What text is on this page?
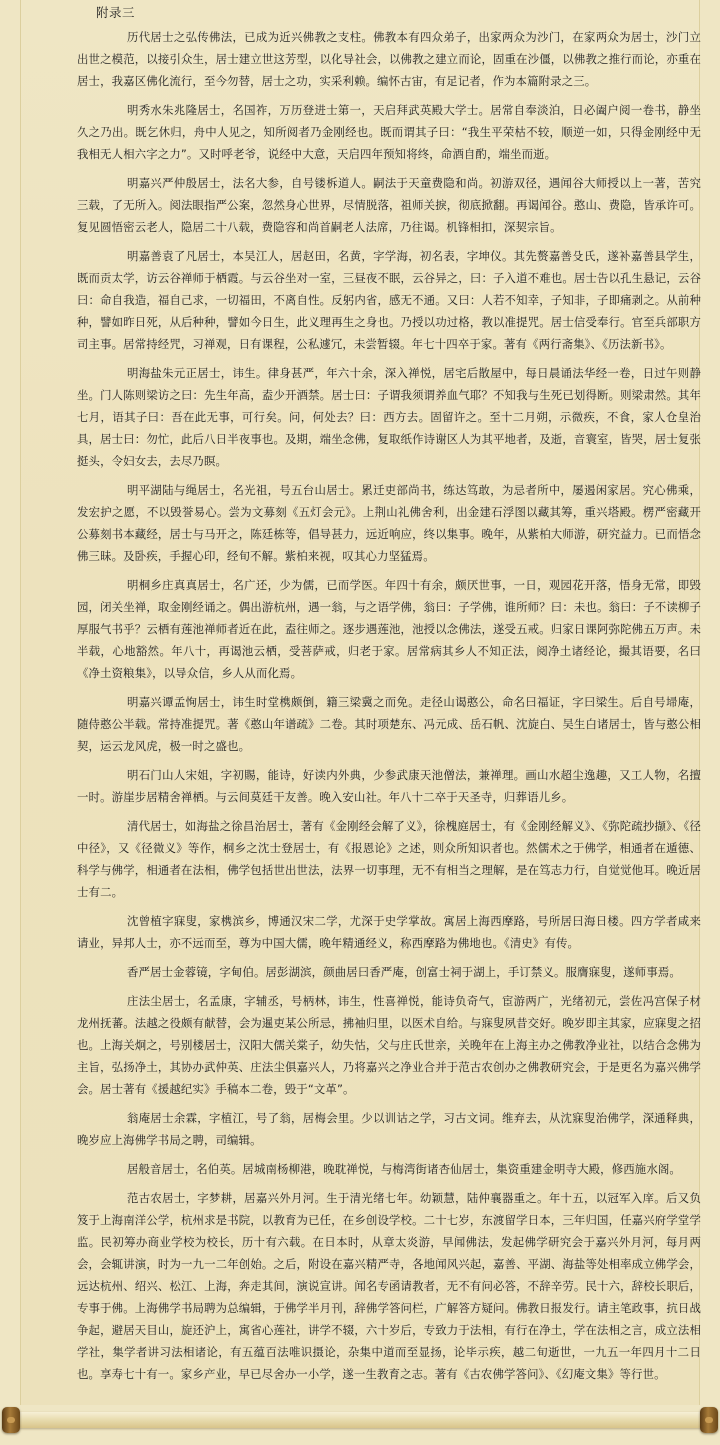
附录三

历代居士之弘传佛法，已成为近兴佛教之支柱。佛教本有四众弟子，出家两众为沙门，在家两众为居士，沙门立出世之模范，以接引众生，居士建立世这芳型，以化导社会，以佛教之建立而论，固重在沙僵，以佛教之推行而论，亦重在居士，我嘉区佛化流行，至今勿替，居士之功，实采利赖。编怀古宙，有足记者，作为本篇附录之三。

明秀水朱兆隆居士，名国祚，万历登进士第一，天启拜武英殿大学士。居常自奉淡泊，日必阖户阅一卷书，静坐久之乃出。既乞休归，舟中人见之，知所阅者乃金刚经也。既而谓其子曰：“我生平荣枯不较，顺逆一如，只得金刚经中无我相无人相六字之力”。又时呼老爷，说经中大意，天启四年预知将终，命酒自酌，端坐而逝。

明嘉兴严仲殷居士，法名大参，自号镂柝道人。嗣法于天童费隐和尚。初游双径，遇闻谷大师授以上一著，苦究三载，了无所入。阅法眼指严公案，忽然身心世界，尽情脱落，祖师关捩，彻底掀翻。再谒闻谷。憨山、费隐，皆承许可。复见圆悟密云老人，隐居二十八载，费隐容和尚首嗣老人法席，乃往谒。机锋相扣，深契宗旨。

明嘉善袁了凡居士，本吴江人，居赵田，名黄，字学海，初名表，字坤仪。其先赘嘉善殳氏，遂补嘉善县学生，既而贡太学，访云谷禅师于栖霞。与云谷坐对一室，三昼夜不眠，云谷异之，曰：子入道不难也。居士告以孔生悬记，云谷曰：命自我造，福自己求，一切福田，不离自性。反躬内省，感无不通。又曰：人若不知幸，子知非，子即痛剥之。从前种种，譬如昨日死，从后种种，譬如今日生，此义理再生之身也。乃授以功过格，教以准提咒。居士信受奉行。官至兵部职方司主事。居常持经咒，习禅观，日有课程，公私遽冗，未尝暂辍。年七十四卒于家。著有《两行斋集》、《历法新书》。

明海盐朱元正居士，讳生。律身甚严，年六十余，深入禅悦，居宅后散屋中，每日晨诵法华经一卷，日过午则静坐。门人陈则梁访之曰：先生年高，盍少开酒禁。居士曰：子谓我须谓养血气耶？不知我与生死已划得断。则梁肃然。其年七月，语其子曰：吾在此无事，可行矣。问，何处去？曰：西方去。固留许之。至十二月朔，示微疾，不食，家人仓皇治具，居士曰：勿忙，此后八日半夜事也。及期，端坐念佛，复取纸作诗谢区人为其平地者，及逝，音寰室，皆哭，居士复张挺头，令妇女去，去尽乃瞑。

明平湖陆与绳居士，名光祖，号五台山居士。累迁吏部尚书，练达笃敢，为忌者所中，屡遏闲家居。究心佛乘，发宏护之愿，不以毁誉易心。尝为文募刻《五灯会元》。上荆山礼佛舍利，出金建石浮图以藏其筹，重兴塔殿。楞严密藏开公募刻书本藏经，居士与马开之，陈廷栋等，倡导甚力，远近响应，终以集事。晚年，从紫柏大师游，研究益力。已而悟念佛三昧。及卧疾，手握心印，经旬不解。紫柏来视，叹其心力坚猛焉。

明桐乡庄真真居士，名广还，少为儒，已而学医。年四十有余，颇厌世事，一日，观园花开落，悟身无常，即毁园，闭关坐禅，取金刚经诵之。偶出游杭州，遇一翁，与之语学佛，翁曰：子学佛，谁所师？曰：未也。翁曰：子不读柳子厚服气书乎？云栖有莲池禅师者近在此，盍往师之。逐步遇莲池，池授以念佛法，遂受五戒。归家日课阿弥陀佛五万声。未半载，心地豁然。年八十，再谒池云栖，受菩萨戒，归老于家。居常病其乡人不知正法，阅净土诸经论，撮其语要，名曰《净土资粮集》，以导众信，乡人从而化焉。

明嘉兴谭孟恂居士，讳生时堂槜颇倒，籍三梁冀之而免。走径山谒憨公，命名曰福证，字曰梁生。后自号埽庵，随侍憨公半载。常持准提咒。著《憨山年谱疏》二卷。其时项楚东、冯元成、岳石帆、沈旋白、吴生白诸居士，皆与憨公相契，运云龙风虎，极一时之盛也。

明石门山人宋姐，字初賜，能诗，好读内外典，少参武康天池僧法，兼禅理。画山水超尘逸趣，又工人物，名擅一时。游崖步居精舍禅栖。与云间莫廷干友善。晚入安山社。年八十二卒于天圣寺，归葬语儿乡。

清代居士，如海盐之徐昌治居士，著有《金刚经会解了义》，徐槐庭居士，有《金刚经解义》、《弥陀疏抄撷》、《径中径》，又《径微义》等作，桐乡之沈士登居士，有《报恩论》之述，则众所知识者也。然儒术之于佛学，相通者在遁德、科学与佛学，相通者在法相，佛学包括世出世法，法界一切事理，无不有相当之理解，是在笃志力行，自觉觉他耳。晚近居士有二。

沈曾植字寐叟，家槜滨乡，博通汉宋二学，尤深于史学掌故。寓居上海西摩路，号所居曰海日楼。四方学者咸来请业，异邦人士，亦不远而至，尊为中国大儒，晚年精通经义，称西摩路为佛地也。《清史》有传。

香严居士金蓉镜，字甸伯。居彭湖滨，颜曲居曰香严庵，创富士祠于湖上，手订禁义。服膺寐叟，遂师事焉。

庄法尘居士，名孟康，字辅丞，号柄林，讳生，性喜禅悦，能诗负奇气，宦游两广，光绪初元，尝佐冯宫保子材龙州抚蕃。法越之役颇有献替，会为暹吏某公所忌，拂袖归里，以医术自给。与寐叟夙昔交好。晚岁即主其家，应寐叟之招也。上海关炯之，号别楼居士，汉阳大儒关棠子，幼失怙，父与庄氏世亲，关晚年在上海主办之佛教净业社，以结合念佛为主旨，弘扬净土，其协办武仲英、庄法尘俱嘉兴人，乃将嘉兴之净业合并于范古农创办之佛教研究会，于是更名为嘉兴佛学会。居士著有《援越纪实》手稿本二卷，毁于“文革”。

翁庵居士余霖，字植江，号了翁，居梅会里。少以训诂之学，习古文词。维弃去，从沈寐叟治佛学，深通释典，晚岁应上海佛学书局之聘，司编辑。

居般音居士，名伯英。居城南杨柳港，晚耽禅悦，与梅湾街诸杏仙居士，集资重建金明寺大殿，修西施水阁。

范古农居士，字梦耕，居嘉兴外月河。生于清光绪七年。幼颖慧，陆仲襄器重之。年十五，以冠军入庠。后又负笈于上海南洋公学，杭州求是书院，以教育为已任，在乡创设学校。二十七岁，东渡留学日本，三年归国，任嘉兴府学堂学监。民初筹办商业学校为校长，历十有六载。在日本时，从章太炎游，早闻佛法，发起佛学研究会于嘉兴外月河，每月两会，会辄讲演，时为一九一二年创始。之后，附设在嘉兴精严寺，各地闻风兴起，嘉善、平湖、海盐等处相率成立佛学会，远达杭州、绍兴、松江、上海，奔走其间，演说宣讲。闻名专函请教者，无不有问必答，不辞辛劳。民十六，辞校长职后，专事于佛。上海佛学书局聘为总编辑，于佛学半月刊，辞佛学答问栏，广解答方疑问。佛教日报发行。请主笔政事，抗日战争起，避居天目山，旋还沪上，寓省心莲社，讲学不辍，六十岁后，专致力于法相，有行在净土，学在法相之言，成立法相学社，集学者讲习法相诸论，有五蕴百法唯识摄论，杂集中道而至显扬，论毕示疾，越二旬逝世，一九五一年四月十二日也。享寿七十有一。家乡产业，早已尽舍办一小学，遂一生教育之志。著有《古农佛学答问》、《幻庵文集》等行世。
